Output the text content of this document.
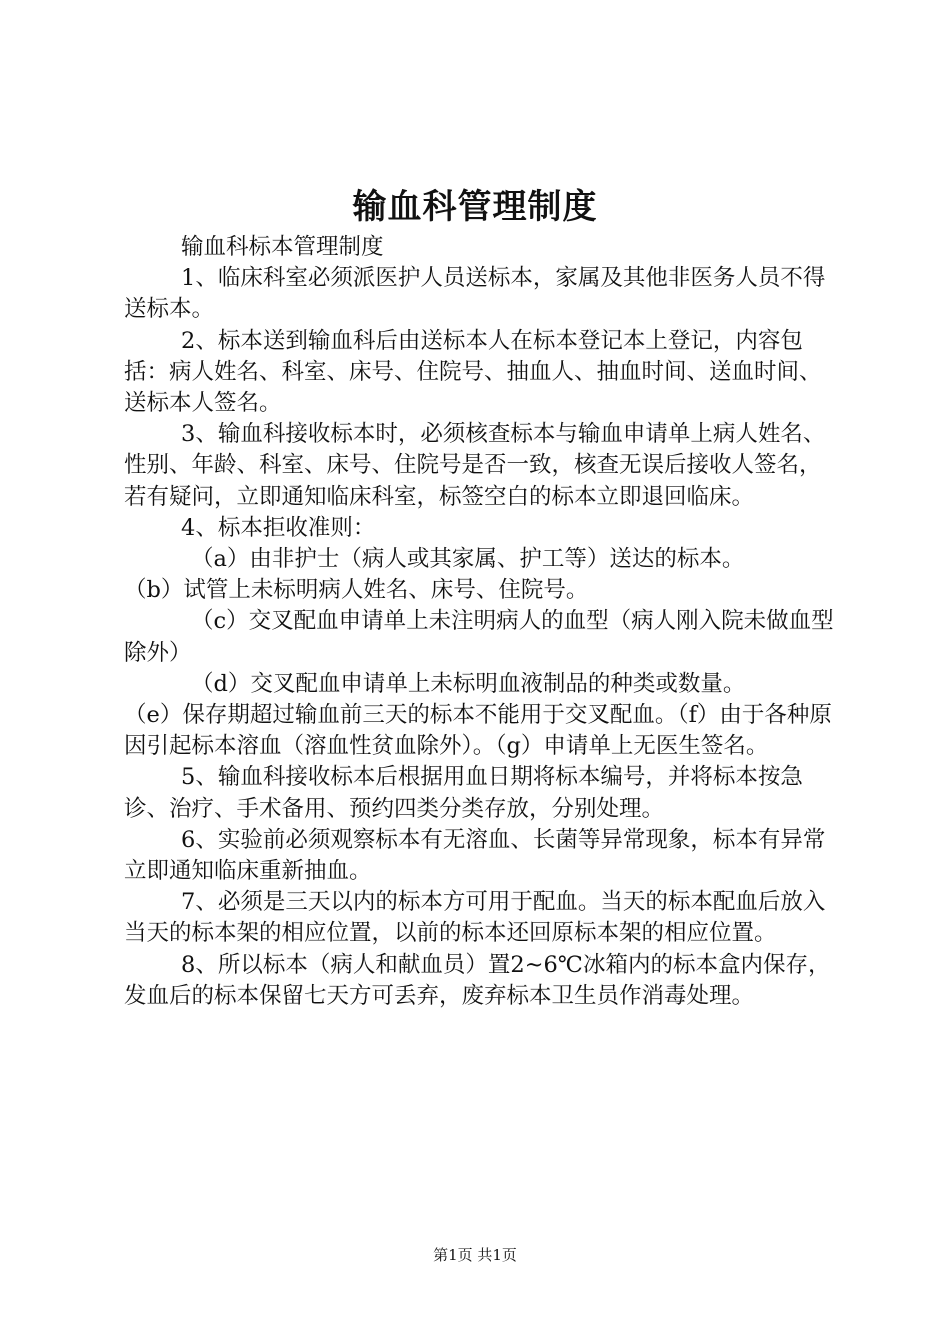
输血科管理制度

输血科标本管理制度

1、临床科室必须派医护人员送标本，家属及其他非医务人员不得送标本。

2、标本送到输血科后由送标本人在标本登记本上登记，内容包括：病人姓名、科室、床号、住院号、抽血人、抽血时间、送血时间、送标本人签名。

3、输血科接收标本时，必须核查标本与输血申请单上病人姓名、性别、年龄、科室、床号、住院号是否一致，核查无误后接收人签名，若有疑问，立即通知临床科室，标签空白的标本立即退回临床。

4、标本拒收准则：

（a）由非护士（病人或其家属、护工等）送达的标本。

（b）试管上未标明病人姓名、床号、住院号。

（c）交叉配血申请单上未注明病人的血型（病人刚入院未做血型除外）

（d）交叉配血申请单上未标明血液制品的种类或数量。

（e）保存期超过输血前三天的标本不能用于交叉配血。（f）由于各种原因引起标本溶血（溶血性贫血除外）。（g）申请单上无医生签名。

5、输血科接收标本后根据用血日期将标本编号，并将标本按急诊、治疗、手术备用、预约四类分类存放，分别处理。

6、实验前必须观察标本有无溶血、长菌等异常现象，标本有异常立即通知临床重新抽血。

7、必须是三天以内的标本方可用于配血。当天的标本配血后放入当天的标本架的相应位置，以前的标本还回原标本架的相应位置。

8、所以标本（病人和献血员）置2~6℃冰箱内的标本盒内保存，发血后的标本保留七天方可丢弃，废弃标本卫生员作消毒处理。

第1页 共1页
